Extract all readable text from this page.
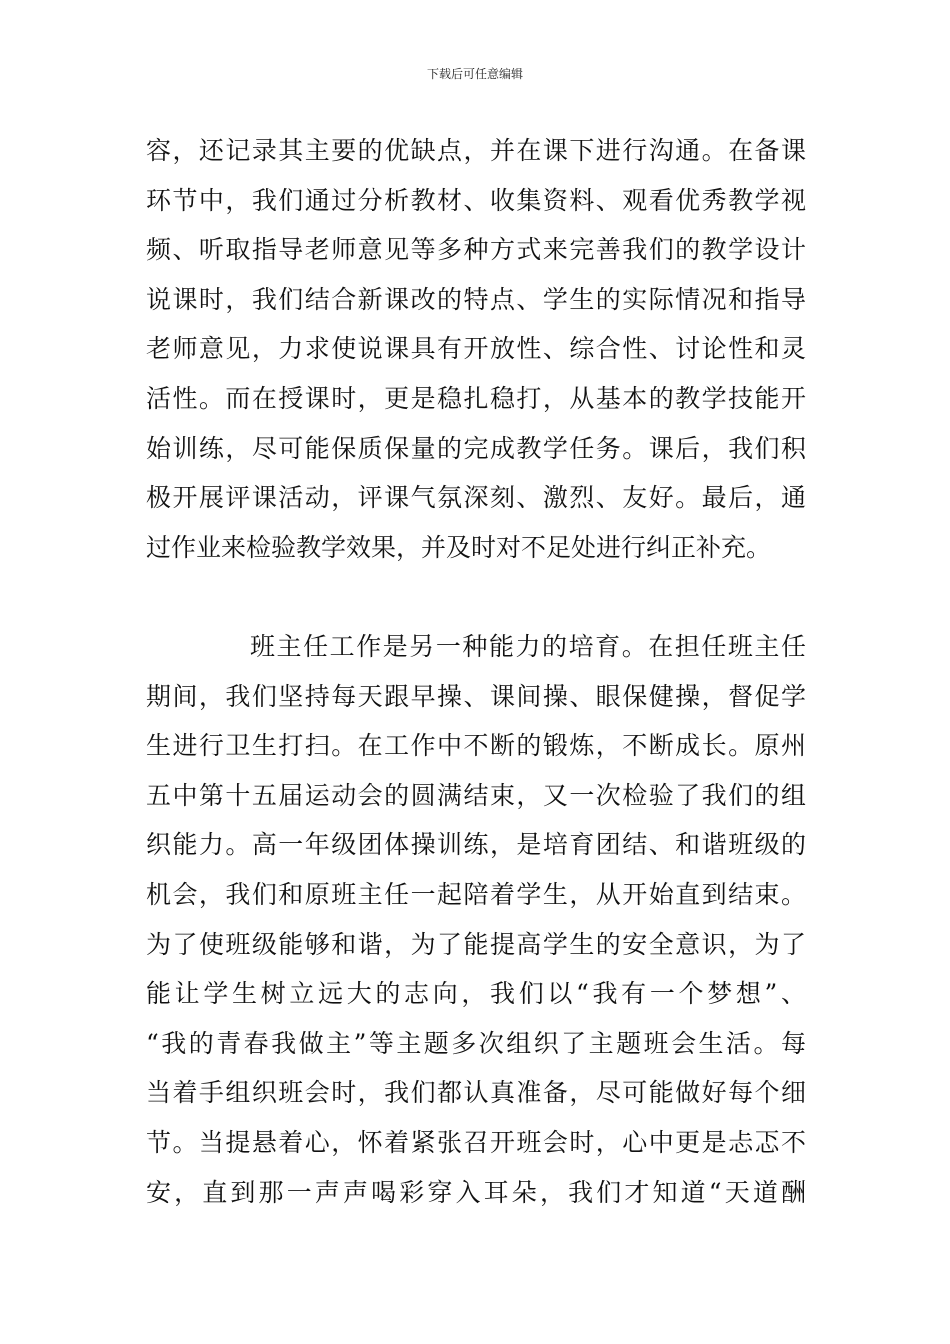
下载后可任意编辑
容，还记录其主要的优缺点，并在课下进行沟通。在备课
环节中，我们通过分析教材、收集资料、观看优秀教学视
频、听取指导老师意见等多种方式来完善我们的教学设计
说课时，我们结合新课改的特点、学生的实际情况和指导
老师意见，力求使说课具有开放性、综合性、讨论性和灵
活性。而在授课时，更是稳扎稳打，从基本的教学技能开
始训练，尽可能保质保量的完成教学任务。课后，我们积
极开展评课活动，评课气氛深刻、激烈、友好。最后，通
过作业来检验教学效果，并及时对不足处进行纠正补充。
班主任工作是另一种能力的培育。在担任班主任
期间，我们坚持每天跟早操、课间操、眼保健操，督促学
生进行卫生打扫。在工作中不断的锻炼，不断成长。原州
五中第十五届运动会的圆满结束，又一次检验了我们的组
织能力。高一年级团体操训练，是培育团结、和谐班级的
机会，我们和原班主任一起陪着学生，从开始直到结束。
为了使班级能够和谐，为了能提高学生的安全意识，为了
能让学生树立远大的志向，我们以“我有一个梦想”、
“我的青春我做主”等主题多次组织了主题班会生活。每
当着手组织班会时，我们都认真准备，尽可能做好每个细
节。当提悬着心，怀着紧张召开班会时，心中更是忐忑不
安，直到那一声声喝彩穿入耳朵，我们才知道“天道酬
